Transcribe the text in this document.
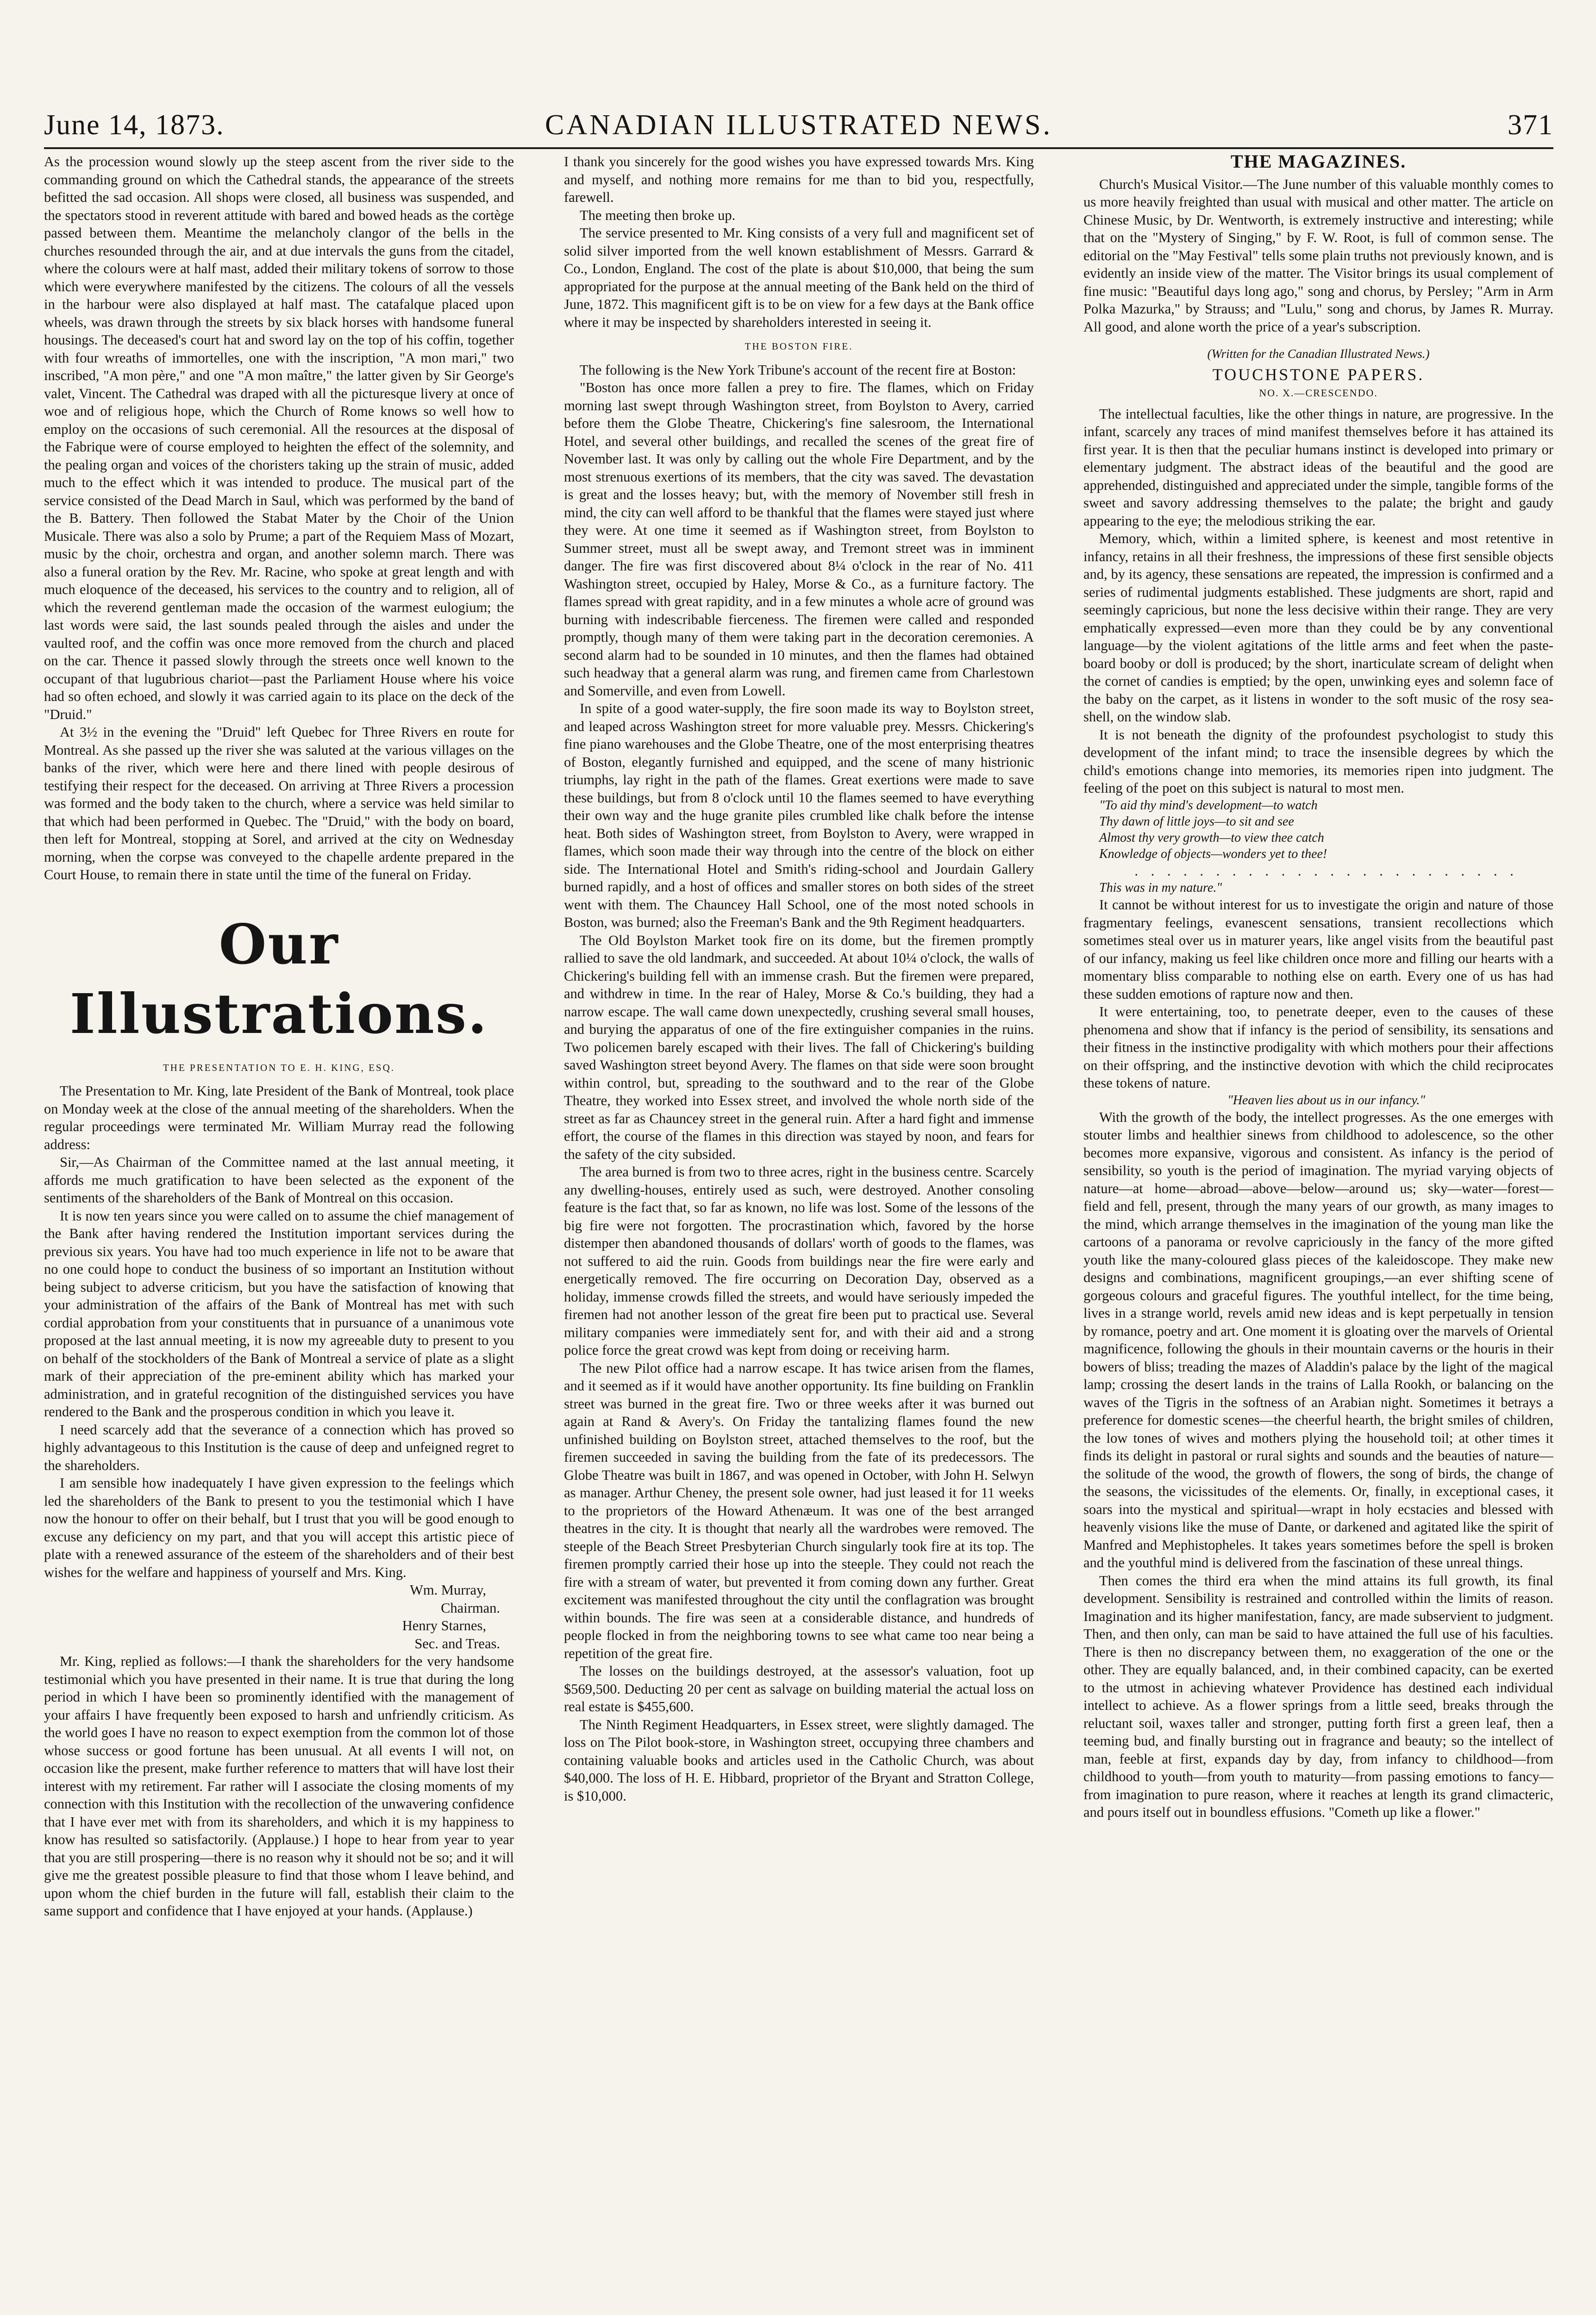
June 14, 1873.	CANADIAN ILLUSTRATED NEWS.	371

As the procession wound slowly up the steep ascent from the river side to the commanding ground on which the Cathedral stands, the appearance of the streets befitted the sad occasion. All shops were closed, all business was suspended, and the spectators stood in reverent attitude with bared and bowed heads as the cortège passed between them. Meantime the melancholy clangor of the bells in the churches resounded through the air, and at due intervals the guns from the citadel, where the colours were at half mast, added their military tokens of sorrow to those which were everywhere manifested by the citizens. The colours of all the vessels in the harbour were also displayed at half mast. The catafalque placed upon wheels, was drawn through the streets by six black horses with handsome funeral housings. The deceased's court hat and sword lay on the top of his coffin, together with four wreaths of immortelles, one with the inscription, "A mon mari," two inscribed, "A mon père," and one "A mon maître," the latter given by Sir George's valet, Vincent. The Cathedral was draped with all the picturesque livery at once of woe and of religious hope, which the Church of Rome knows so well how to employ on the occasions of such ceremonial. All the resources at the disposal of the Fabrique were of course employed to heighten the effect of the solemnity, and the pealing organ and voices of the choristers taking up the strain of music, added much to the effect which it was intended to produce. The musical part of the service consisted of the Dead March in Saul, which was performed by the band of the B. Battery. Then followed the Stabat Mater by the Choir of the Union Musicale. There was also a solo by Prume; a part of the Requiem Mass of Mozart, music by the choir, orchestra and organ, and another solemn march. There was also a funeral oration by the Rev. Mr. Racine, who spoke at great length and with much eloquence of the deceased, his services to the country and to religion, all of which the reverend gentleman made the occasion of the warmest eulogium; the last words were said, the last sounds pealed through the aisles and under the vaulted roof, and the coffin was once more removed from the church and placed on the car. Thence it passed slowly through the streets once well known to the occupant of that lugubrious chariot—past the Parliament House where his voice had so often echoed, and slowly it was carried again to its place on the deck of the "Druid."

At 3½ in the evening the "Druid" left Quebec for Three Rivers en route for Montreal. As she passed up the river she was saluted at the various villages on the banks of the river, which were here and there lined with people desirous of testifying their respect for the deceased. On arriving at Three Rivers a procession was formed and the body taken to the church, where a service was held similar to that which had been performed in Quebec. The "Druid," with the body on board, then left for Montreal, stopping at Sorel, and arrived at the city on Wednesday morning, when the corpse was conveyed to the chapelle ardente prepared in the Court House, to remain there in state until the time of the funeral on Friday.

Our Illustrations.
THE PRESENTATION TO E. H. KING, ESQ.

The Presentation to Mr. King, late President of the Bank of Montreal, took place on Monday week at the close of the annual meeting of the shareholders. When the regular proceedings were terminated Mr. William Murray read the following address:

Sir,—As Chairman of the Committee named at the last annual meeting, it affords me much gratification to have been selected as the exponent of the sentiments of the shareholders of the Bank of Montreal on this occasion.

It is now ten years since you were called on to assume the chief management of the Bank after having rendered the Institution important services during the previous six years. You have had too much experience in life not to be aware that no one could hope to conduct the business of so important an Institution without being subject to adverse criticism, but you have the satisfaction of knowing that your administration of the affairs of the Bank of Montreal has met with such cordial approbation from your constituents that in pursuance of a unanimous vote proposed at the last annual meeting, it is now my agreeable duty to present to you on behalf of the stockholders of the Bank of Montreal a service of plate as a slight mark of their appreciation of the pre-eminent ability which has marked your administration, and in grateful recognition of the distinguished services you have rendered to the Bank and the prosperous condition in which you leave it.

I need scarcely add that the severance of a connection which has proved so highly advantageous to this Institution is the cause of deep and unfeigned regret to the shareholders.

I am sensible how inadequately I have given expression to the feelings which led the shareholders of the Bank to present to you the testimonial which I have now the honour to offer on their behalf, but I trust that you will be good enough to excuse any deficiency on my part, and that you will accept this artistic piece of plate with a renewed assurance of the esteem of the shareholders and of their best wishes for the welfare and happiness of yourself and Mrs. King.

Wm. Murray,

Chairman.

Henry Starnes,

Sec. and Treas.

Mr. King, replied as follows:—I thank the shareholders for the very handsome testimonial which you have presented in their name. It is true that during the long period in which I have been so prominently identified with the management of your affairs I have frequently been exposed to harsh and unfriendly criticism. As the world goes I have no reason to expect exemption from the common lot of those whose success or good fortune has been unusual. At all events I will not, on occasion like the present, make further reference to matters that will have lost their interest with my retirement. Far rather will I associate the closing moments of my connection with this Institution with the recollection of the unwavering confidence that I have ever met with from its shareholders, and which it is my happiness to know has resulted so satisfactorily. (Applause.) I hope to hear from year to year that you are still prospering—there is no reason why it should not be so; and it will give me the greatest possible pleasure to find that those whom I leave behind, and upon whom the chief burden in the future will fall, establish their claim to the same support and confidence that I have enjoyed at your hands. (Applause.)

I thank you sincerely for the good wishes you have expressed towards Mrs. King and myself, and nothing more remains for me than to bid you, respectfully, farewell.

The meeting then broke up.

The service presented to Mr. King consists of a very full and magnificent set of solid silver imported from the well known establishment of Messrs. Garrard & Co., London, England. The cost of the plate is about $10,000, that being the sum appropriated for the purpose at the annual meeting of the Bank held on the third of June, 1872. This magnificent gift is to be on view for a few days at the Bank office where it may be inspected by shareholders interested in seeing it.

THE BOSTON FIRE.

The following is the New York Tribune's account of the recent fire at Boston:

"Boston has once more fallen a prey to fire. The flames, which on Friday morning last swept through Washington street, from Boylston to Avery, carried before them the Globe Theatre, Chickering's fine salesroom, the International Hotel, and several other buildings, and recalled the scenes of the great fire of November last. It was only by calling out the whole Fire Department, and by the most strenuous exertions of its members, that the city was saved. The devastation is great and the losses heavy; but, with the memory of November still fresh in mind, the city can well afford to be thankful that the flames were stayed just where they were. At one time it seemed as if Washington street, from Boylston to Summer street, must all be swept away, and Tremont street was in imminent danger. The fire was first discovered about 8¼ o'clock in the rear of No. 411 Washington street, occupied by Haley, Morse & Co., as a furniture factory. The flames spread with great rapidity, and in a few minutes a whole acre of ground was burning with indescribable fierceness. The firemen were called and responded promptly, though many of them were taking part in the decoration ceremonies. A second alarm had to be sounded in 10 minutes, and then the flames had obtained such headway that a general alarm was rung, and firemen came from Charlestown and Somerville, and even from Lowell.

In spite of a good water-supply, the fire soon made its way to Boylston street, and leaped across Washington street for more valuable prey. Messrs. Chickering's fine piano warehouses and the Globe Theatre, one of the most enterprising theatres of Boston, elegantly furnished and equipped, and the scene of many histrionic triumphs, lay right in the path of the flames. Great exertions were made to save these buildings, but from 8 o'clock until 10 the flames seemed to have everything their own way and the huge granite piles crumbled like chalk before the intense heat. Both sides of Washington street, from Boylston to Avery, were wrapped in flames, which soon made their way through into the centre of the block on either side. The International Hotel and Smith's riding-school and Jourdain Gallery burned rapidly, and a host of offices and smaller stores on both sides of the street went with them. The Chauncey Hall School, one of the most noted schools in Boston, was burned; also the Freeman's Bank and the 9th Regiment headquarters.

The Old Boylston Market took fire on its dome, but the firemen promptly rallied to save the old landmark, and succeeded. At about 10¼ o'clock, the walls of Chickering's building fell with an immense crash. But the firemen were prepared, and withdrew in time. In the rear of Haley, Morse & Co.'s building, they had a narrow escape. The wall came down unexpectedly, crushing several small houses, and burying the apparatus of one of the fire extinguisher companies in the ruins. Two policemen barely escaped with their lives. The fall of Chickering's building saved Washington street beyond Avery. The flames on that side were soon brought within control, but, spreading to the southward and to the rear of the Globe Theatre, they worked into Essex street, and involved the whole north side of the street as far as Chauncey street in the general ruin. After a hard fight and immense effort, the course of the flames in this direction was stayed by noon, and fears for the safety of the city subsided.

The area burned is from two to three acres, right in the business centre. Scarcely any dwelling-houses, entirely used as such, were destroyed. Another consoling feature is the fact that, so far as known, no life was lost. Some of the lessons of the big fire were not forgotten. The procrastination which, favored by the horse distemper then abandoned thousands of dollars' worth of goods to the flames, was not suffered to aid the ruin. Goods from buildings near the fire were early and energetically removed. The fire occurring on Decoration Day, observed as a holiday, immense crowds filled the streets, and would have seriously impeded the firemen had not another lesson of the great fire been put to practical use. Several military companies were immediately sent for, and with their aid and a strong police force the great crowd was kept from doing or receiving harm.

The new Pilot office had a narrow escape. It has twice arisen from the flames, and it seemed as if it would have another opportunity. Its fine building on Franklin street was burned in the great fire. Two or three weeks after it was burned out again at Rand & Avery's. On Friday the tantalizing flames found the new unfinished building on Boylston street, attached themselves to the roof, but the firemen succeeded in saving the building from the fate of its predecessors. The Globe Theatre was built in 1867, and was opened in October, with John H. Selwyn as manager. Arthur Cheney, the present sole owner, had just leased it for 11 weeks to the proprietors of the Howard Athenæum. It was one of the best arranged theatres in the city. It is thought that nearly all the wardrobes were removed. The steeple of the Beach Street Presbyterian Church singularly took fire at its top. The firemen promptly carried their hose up into the steeple. They could not reach the fire with a stream of water, but prevented it from coming down any further. Great excitement was manifested throughout the city until the conflagration was brought within bounds. The fire was seen at a considerable distance, and hundreds of people flocked in from the neighboring towns to see what came too near being a repetition of the great fire.

The losses on the buildings destroyed, at the assessor's valuation, foot up $569,500. Deducting 20 per cent as salvage on building material the actual loss on real estate is $455,600.

The Ninth Regiment Headquarters, in Essex street, were slightly damaged. The loss on The Pilot book-store, in Washington street, occupying three chambers and containing valuable books and articles used in the Catholic Church, was about $40,000. The loss of H. E. Hibbard, proprietor of the Bryant and Stratton College, is $10,000.

THE MAGAZINES.

Church's Musical Visitor.—The June number of this valuable monthly comes to us more heavily freighted than usual with musical and other matter. The article on Chinese Music, by Dr. Wentworth, is extremely instructive and interesting; while that on the "Mystery of Singing," by F. W. Root, is full of common sense. The editorial on the "May Festival" tells some plain truths not previously known, and is evidently an inside view of the matter. The Visitor brings its usual complement of fine music: "Beautiful days long ago," song and chorus, by Persley; "Arm in Arm Polka Mazurka," by Strauss; and "Lulu," song and chorus, by James R. Murray. All good, and alone worth the price of a year's subscription.

(Written for the Canadian Illustrated News.)
TOUCHSTONE PAPERS.
NO. X.—CRESCENDO.

The intellectual faculties, like the other things in nature, are progressive. In the infant, scarcely any traces of mind manifest themselves before it has attained its first year. It is then that the peculiar humans instinct is developed into primary or elementary judgment. The abstract ideas of the beautiful and the good are apprehended, distinguished and appreciated under the simple, tangible forms of the sweet and savory addressing themselves to the palate; the bright and gaudy appearing to the eye; the melodious striking the ear.

Memory, which, within a limited sphere, is keenest and most retentive in infancy, retains in all their freshness, the impressions of these first sensible objects and, by its agency, these sensations are repeated, the impression is confirmed and a series of rudimental judgments established. These judgments are short, rapid and seemingly capricious, but none the less decisive within their range. They are very emphatically expressed—even more than they could be by any conventional language—by the violent agitations of the little arms and feet when the paste-board booby or doll is produced; by the short, inarticulate scream of delight when the cornet of candies is emptied; by the open, unwinking eyes and solemn face of the baby on the carpet, as it listens in wonder to the soft music of the rosy sea-shell, on the window slab.

It is not beneath the dignity of the profoundest psychologist to study this development of the infant mind; to trace the insensible degrees by which the child's emotions change into memories, its memories ripen into judgment. The feeling of the poet on this subject is natural to most men.

"To aid thy mind's development—to watch

Thy dawn of little joys—to sit and see

Almost thy very growth—to view thee catch

Knowledge of objects—wonders yet to thee!

. . . . . . . . . . . . . . . . . . . . . . . .

This was in my nature."

It cannot be without interest for us to investigate the origin and nature of those fragmentary feelings, evanescent sensations, transient recollections which sometimes steal over us in maturer years, like angel visits from the beautiful past of our infancy, making us feel like children once more and filling our hearts with a momentary bliss comparable to nothing else on earth. Every one of us has had these sudden emotions of rapture now and then.

It were entertaining, too, to penetrate deeper, even to the causes of these phenomena and show that if infancy is the period of sensibility, its sensations and their fitness in the instinctive prodigality with which mothers pour their affections on their offspring, and the instinctive devotion with which the child reciprocates these tokens of nature.

"Heaven lies about us in our infancy."

With the growth of the body, the intellect progresses. As the one emerges with stouter limbs and healthier sinews from childhood to adolescence, so the other becomes more expansive, vigorous and consistent. As infancy is the period of sensibility, so youth is the period of imagination. The myriad varying objects of nature—at home—abroad—above—below—around us; sky—water—forest—field and fell, present, through the many years of our growth, as many images to the mind, which arrange themselves in the imagination of the young man like the cartoons of a panorama or revolve capriciously in the fancy of the more gifted youth like the many-coloured glass pieces of the kaleidoscope. They make new designs and combinations, magnificent groupings,—an ever shifting scene of gorgeous colours and graceful figures. The youthful intellect, for the time being, lives in a strange world, revels amid new ideas and is kept perpetually in tension by romance, poetry and art. One moment it is gloating over the marvels of Oriental magnificence, following the ghouls in their mountain caverns or the houris in their bowers of bliss; treading the mazes of Aladdin's palace by the light of the magical lamp; crossing the desert lands in the trains of Lalla Rookh, or balancing on the waves of the Tigris in the softness of an Arabian night. Sometimes it betrays a preference for domestic scenes—the cheerful hearth, the bright smiles of children, the low tones of wives and mothers plying the household toil; at other times it finds its delight in pastoral or rural sights and sounds and the beauties of nature—the solitude of the wood, the growth of flowers, the song of birds, the change of the seasons, the vicissitudes of the elements. Or, finally, in exceptional cases, it soars into the mystical and spiritual—wrapt in holy ecstacies and blessed with heavenly visions like the muse of Dante, or darkened and agitated like the spirit of Manfred and Mephistopheles. It takes years sometimes before the spell is broken and the youthful mind is delivered from the fascination of these unreal things.

Then comes the third era when the mind attains its full growth, its final development. Sensibility is restrained and controlled within the limits of reason. Imagination and its higher manifestation, fancy, are made subservient to judgment. Then, and then only, can man be said to have attained the full use of his faculties. There is then no discrepancy between them, no exaggeration of the one or the other. They are equally balanced, and, in their combined capacity, can be exerted to the utmost in achieving whatever Providence has destined each individual intellect to achieve. As a flower springs from a little seed, breaks through the reluctant soil, waxes taller and stronger, putting forth first a green leaf, then a teeming bud, and finally bursting out in fragrance and beauty; so the intellect of man, feeble at first, expands day by day, from infancy to childhood—from childhood to youth—from youth to maturity—from passing emotions to fancy—from imagination to pure reason, where it reaches at length its grand climacteric, and pours itself out in boundless effusions. "Cometh up like a flower."
